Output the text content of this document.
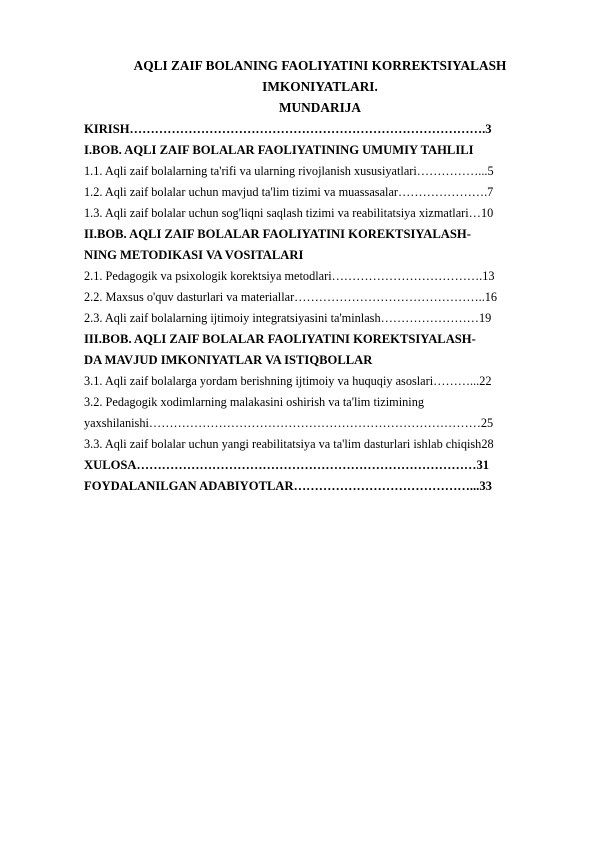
AQLI ZAIF BOLANING FAOLIYATINI KORREKTSIYALASH
IMKONIYATLARI.
MUNDARIJA
KIRISH………………………………………………………………………….3
I.BOB. AQLI ZAIF BOLALAR FAOLIYATINING UMUMIY TAHLILI
1.1. Aqli zaif bolalarning ta'rifi va ularning rivojlanish xususiyatlari……………...5
1.2. Aqli zaif bolalar uchun mavjud ta'lim tizimi va muassasalar………………….7
1.3. Aqli zaif bolalar uchun sog'liqni saqlash tizimi va reabilitatsiya xizmatlari…10
II.BOB. AQLI ZAIF BOLALAR FAOLIYATINI KOREKTSIYALASH-
NING METODIKASI VA VOSITALARI
2.1. Pedagogik va psixologik korektsiya metodlari……………………………….13
2.2. Maxsus o'quv dasturlari va materiallar………………………………………..16
2.3. Aqli zaif bolalarning ijtimoiy integratsiyasini ta'minlash……………………19
III.BOB. AQLI ZAIF BOLALAR FAOLIYATINI KOREKTSIYALASH-
DA MAVJUD IMKONIYATLAR VA ISTIQBOLLAR
3.1. Aqli zaif bolalarga yordam berishning ijtimoiy va huquqiy asoslari………...22
3.2. Pedagogik xodimlarning malakasini oshirish va ta'lim tizimining
yaxshilanishi………………………………………………………………………25
3.3. Aqli zaif bolalar uchun yangi reabilitatsiya va ta'lim dasturlari ishlab chiqish28
XULOSA………………………………………………………………………31
FOYDALANILGAN ADABIYOTLAR……………………………………...33
